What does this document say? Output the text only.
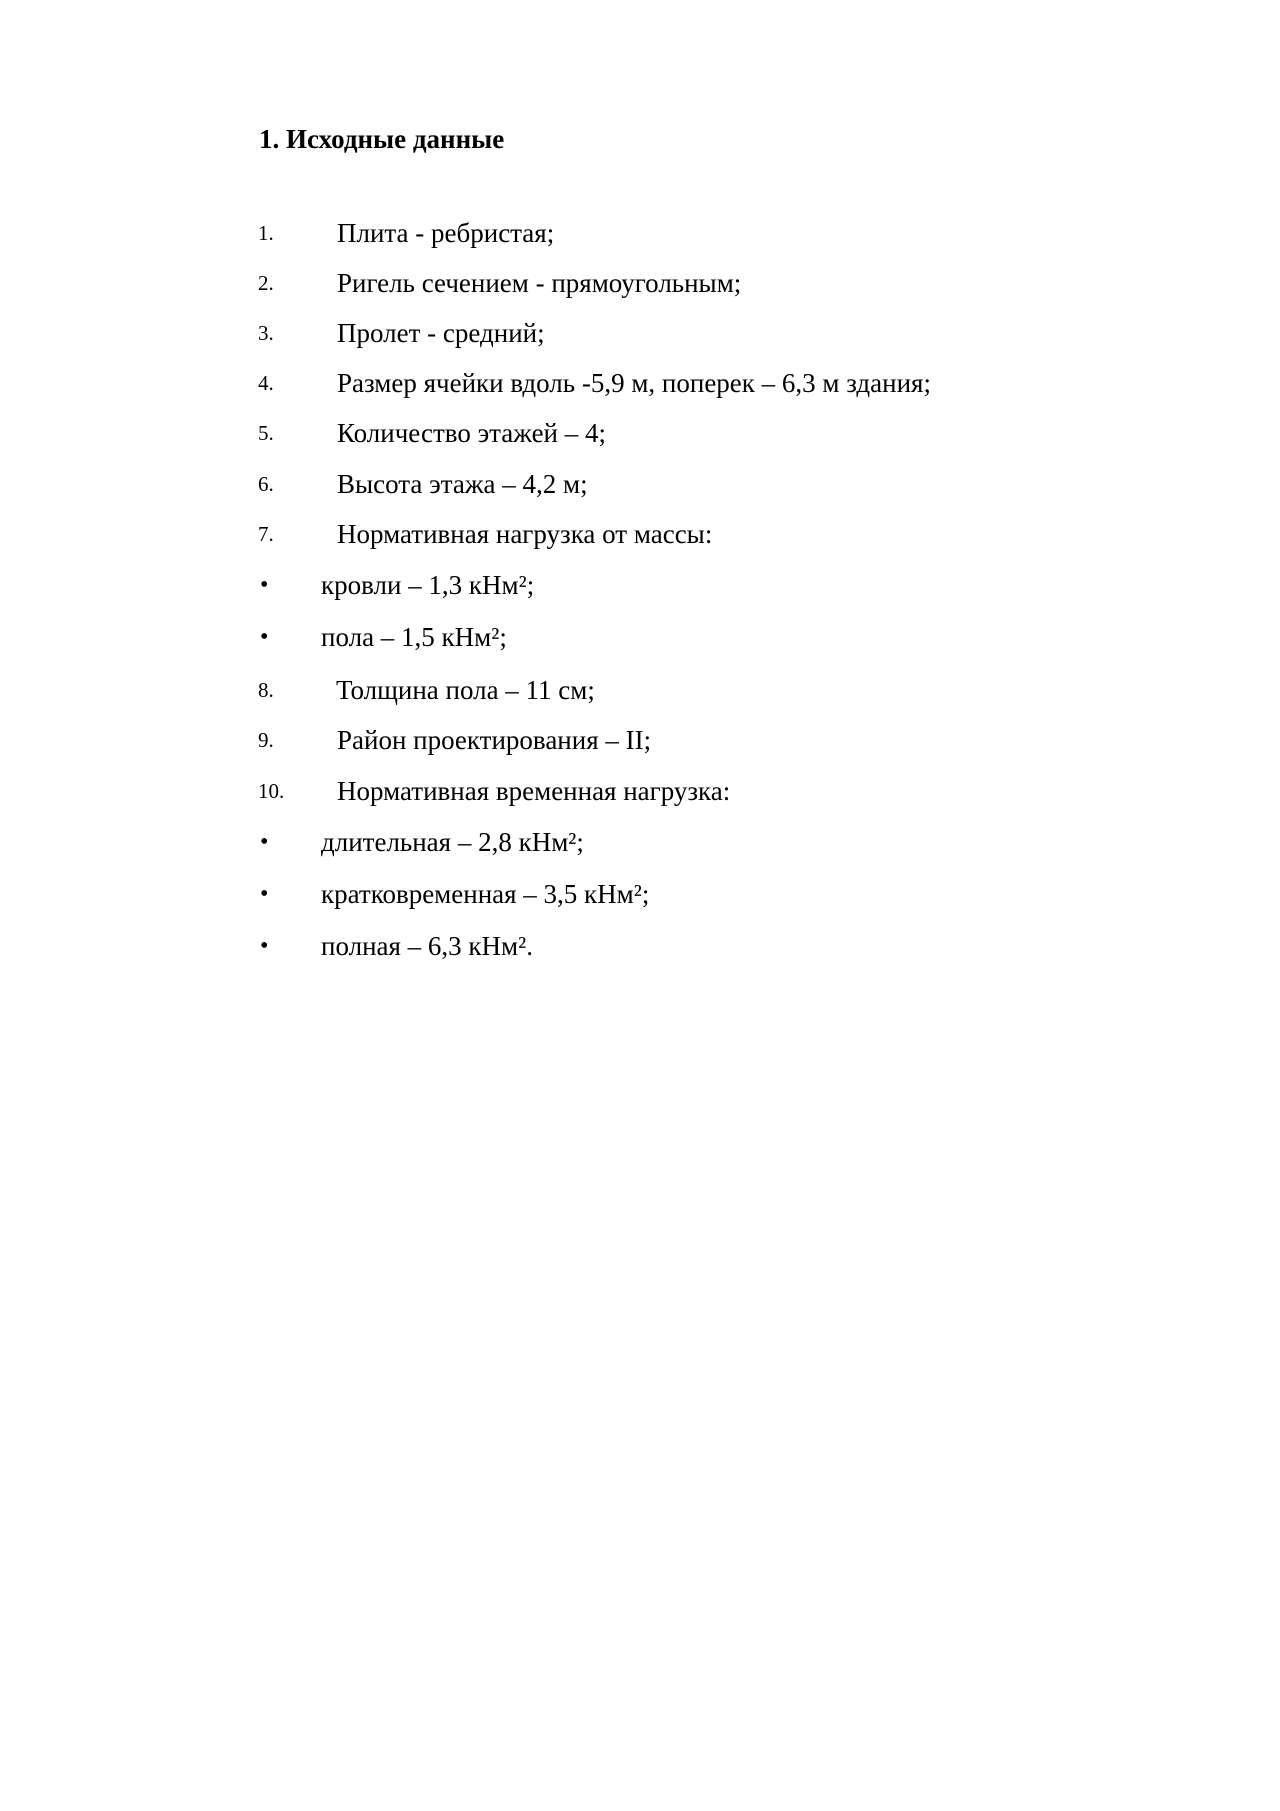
1. Исходные данные
1. Плита - ребристая;
2. Ригель сечением - прямоугольным;
3. Пролет - средний;
4. Размер ячейки вдоль -5,9 м, поперек – 6,3 м здания;
5. Количество этажей – 4;
6. Высота этажа – 4,2 м;
7. Нормативная нагрузка от массы:
• кровли – 1,3 кНм²;
• пола – 1,5 кНм²;
8. Толщина пола – 11 см;
9. Район проектирования – II;
10. Нормативная временная нагрузка:
• длительная – 2,8 кНм²;
• кратковременная – 3,5 кНм²;
• полная – 6,3 кНм².
